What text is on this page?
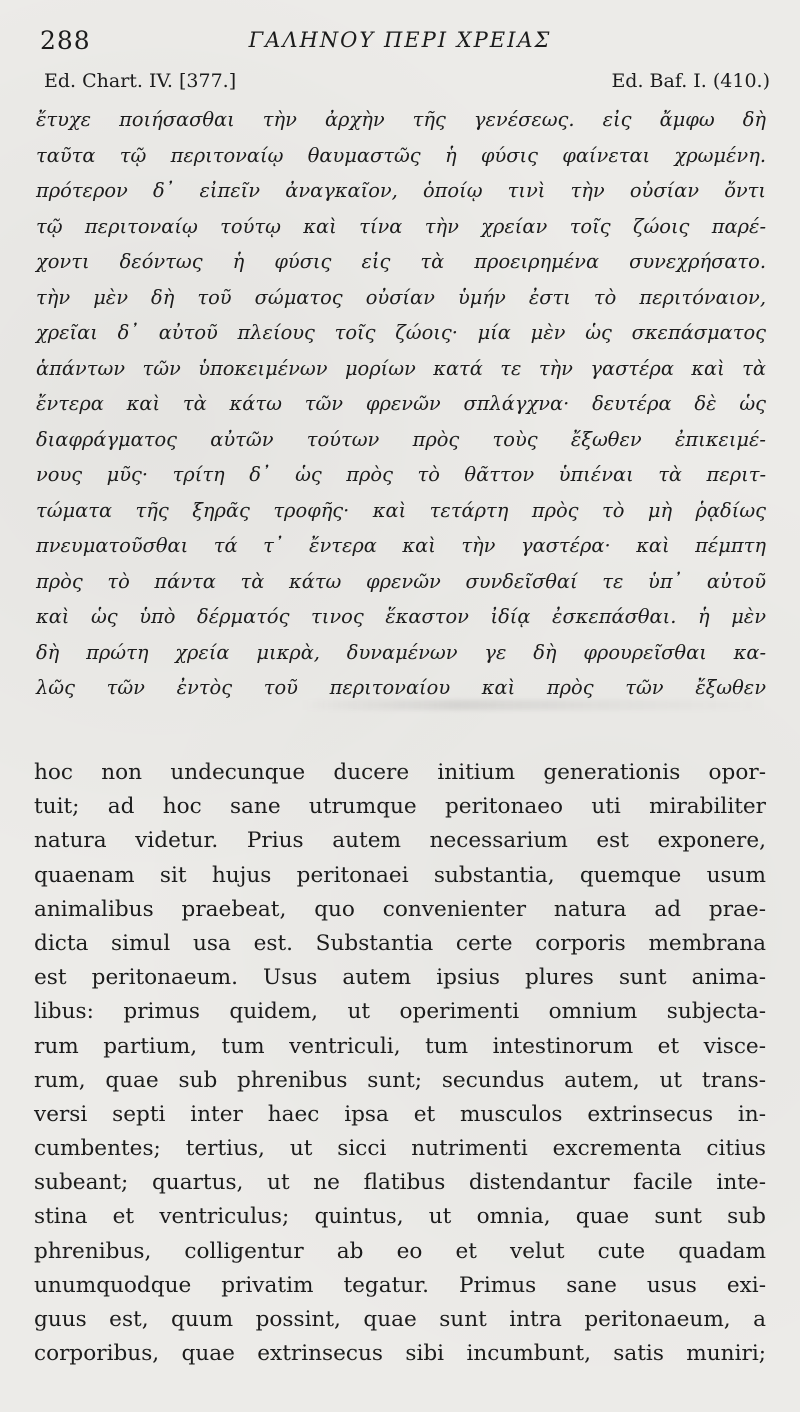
288	ΓΑΛΗΝΟΥ ΠΕΡΙ ΧΡΕΙΑΣ
Ed. Chart. IV. [377.]	Ed. Baf. I. (410.)
ἔτυχε ποιήσασθαι τὴν ἀρχὴν τῆς γενέσεως. εἰς ἄμφω δὴ
ταῦτα τῷ περιτοναίῳ θαυμαστῶς ἡ φύσις φαίνεται χρωμένη.
πρότερον δ᾽ εἰπεῖν ἀναγκαῖον, ὁποίῳ τινὶ τὴν οὐσίαν ὄντι
τῷ περιτοναίῳ τούτῳ καὶ τίνα τὴν χρείαν τοῖς ζώοις παρέ-
χοντι δεόντως ἡ φύσις εἰς τὰ προειρημένα συνεχρήσατο.
τὴν μὲν δὴ τοῦ σώματος οὐσίαν ὑμήν ἐστι τὸ περιτόναιον,
χρεῖαι δ᾽ αὐτοῦ πλείους τοῖς ζώοις· μία μὲν ὡς σκεπάσματος
ἁπάντων τῶν ὑποκειμένων μορίων κατά τε τὴν γαστέρα καὶ τὰ
ἔντερα καὶ τὰ κάτω τῶν φρενῶν σπλάγχνα· δευτέρα δὲ ὡς
διαφράγματος αὐτῶν τούτων πρὸς τοὺς ἔξωθεν ἐπικειμέ-
νους μῦς· τρίτη δ᾽ ὡς πρὸς τὸ θᾶττον ὑπιέναι τὰ περιτ-
τώματα τῆς ξηρᾶς τροφῆς· καὶ τετάρτη πρὸς τὸ μὴ ῥᾳδίως
πνευματοῦσθαι τά τ᾽ ἔντερα καὶ τὴν γαστέρα· καὶ πέμπτη
πρὸς τὸ πάντα τὰ κάτω φρενῶν συνδεῖσθαί τε ὑπ᾽ αὐτοῦ
καὶ ὡς ὑπὸ δέρματός τινος ἕκαστον ἰδίᾳ ἐσκεπάσθαι. ἡ μὲν
δὴ πρώτη χρεία μικρὰ, δυναμένων γε δὴ φρουρεῖσθαι κα-
λῶς τῶν ἐντὸς τοῦ περιτοναίου καὶ πρὸς τῶν ἔξωθεν
hoc non undecunque ducere initium generationis opor-
tuit; ad hoc sane utrumque peritonaeo uti mirabiliter
natura videtur. Prius autem necessarium est exponere,
quaenam sit hujus peritonaei substantia, quemque usum
animalibus praebeat, quo convenienter natura ad prae-
dicta simul usa est. Substantia certe corporis membrana
est peritonaeum. Usus autem ipsius plures sunt anima-
libus: primus quidem, ut operimenti omnium subjecta-
rum partium, tum ventriculi, tum intestinorum et visce-
rum, quae sub phrenibus sunt; secundus autem, ut trans-
versi septi inter haec ipsa et musculos extrinsecus in-
cumbentes; tertius, ut sicci nutrimenti excrementa citius
subeant; quartus, ut ne flatibus distendantur facile inte-
stina et ventriculus; quintus, ut omnia, quae sunt sub
phrenibus, colligentur ab eo et velut cute quadam
unumquodque privatim tegatur. Primus sane usus exi-
guus est, quum possint, quae sunt intra peritonaeum, a
corporibus, quae extrinsecus sibi incumbunt, satis muniri;
